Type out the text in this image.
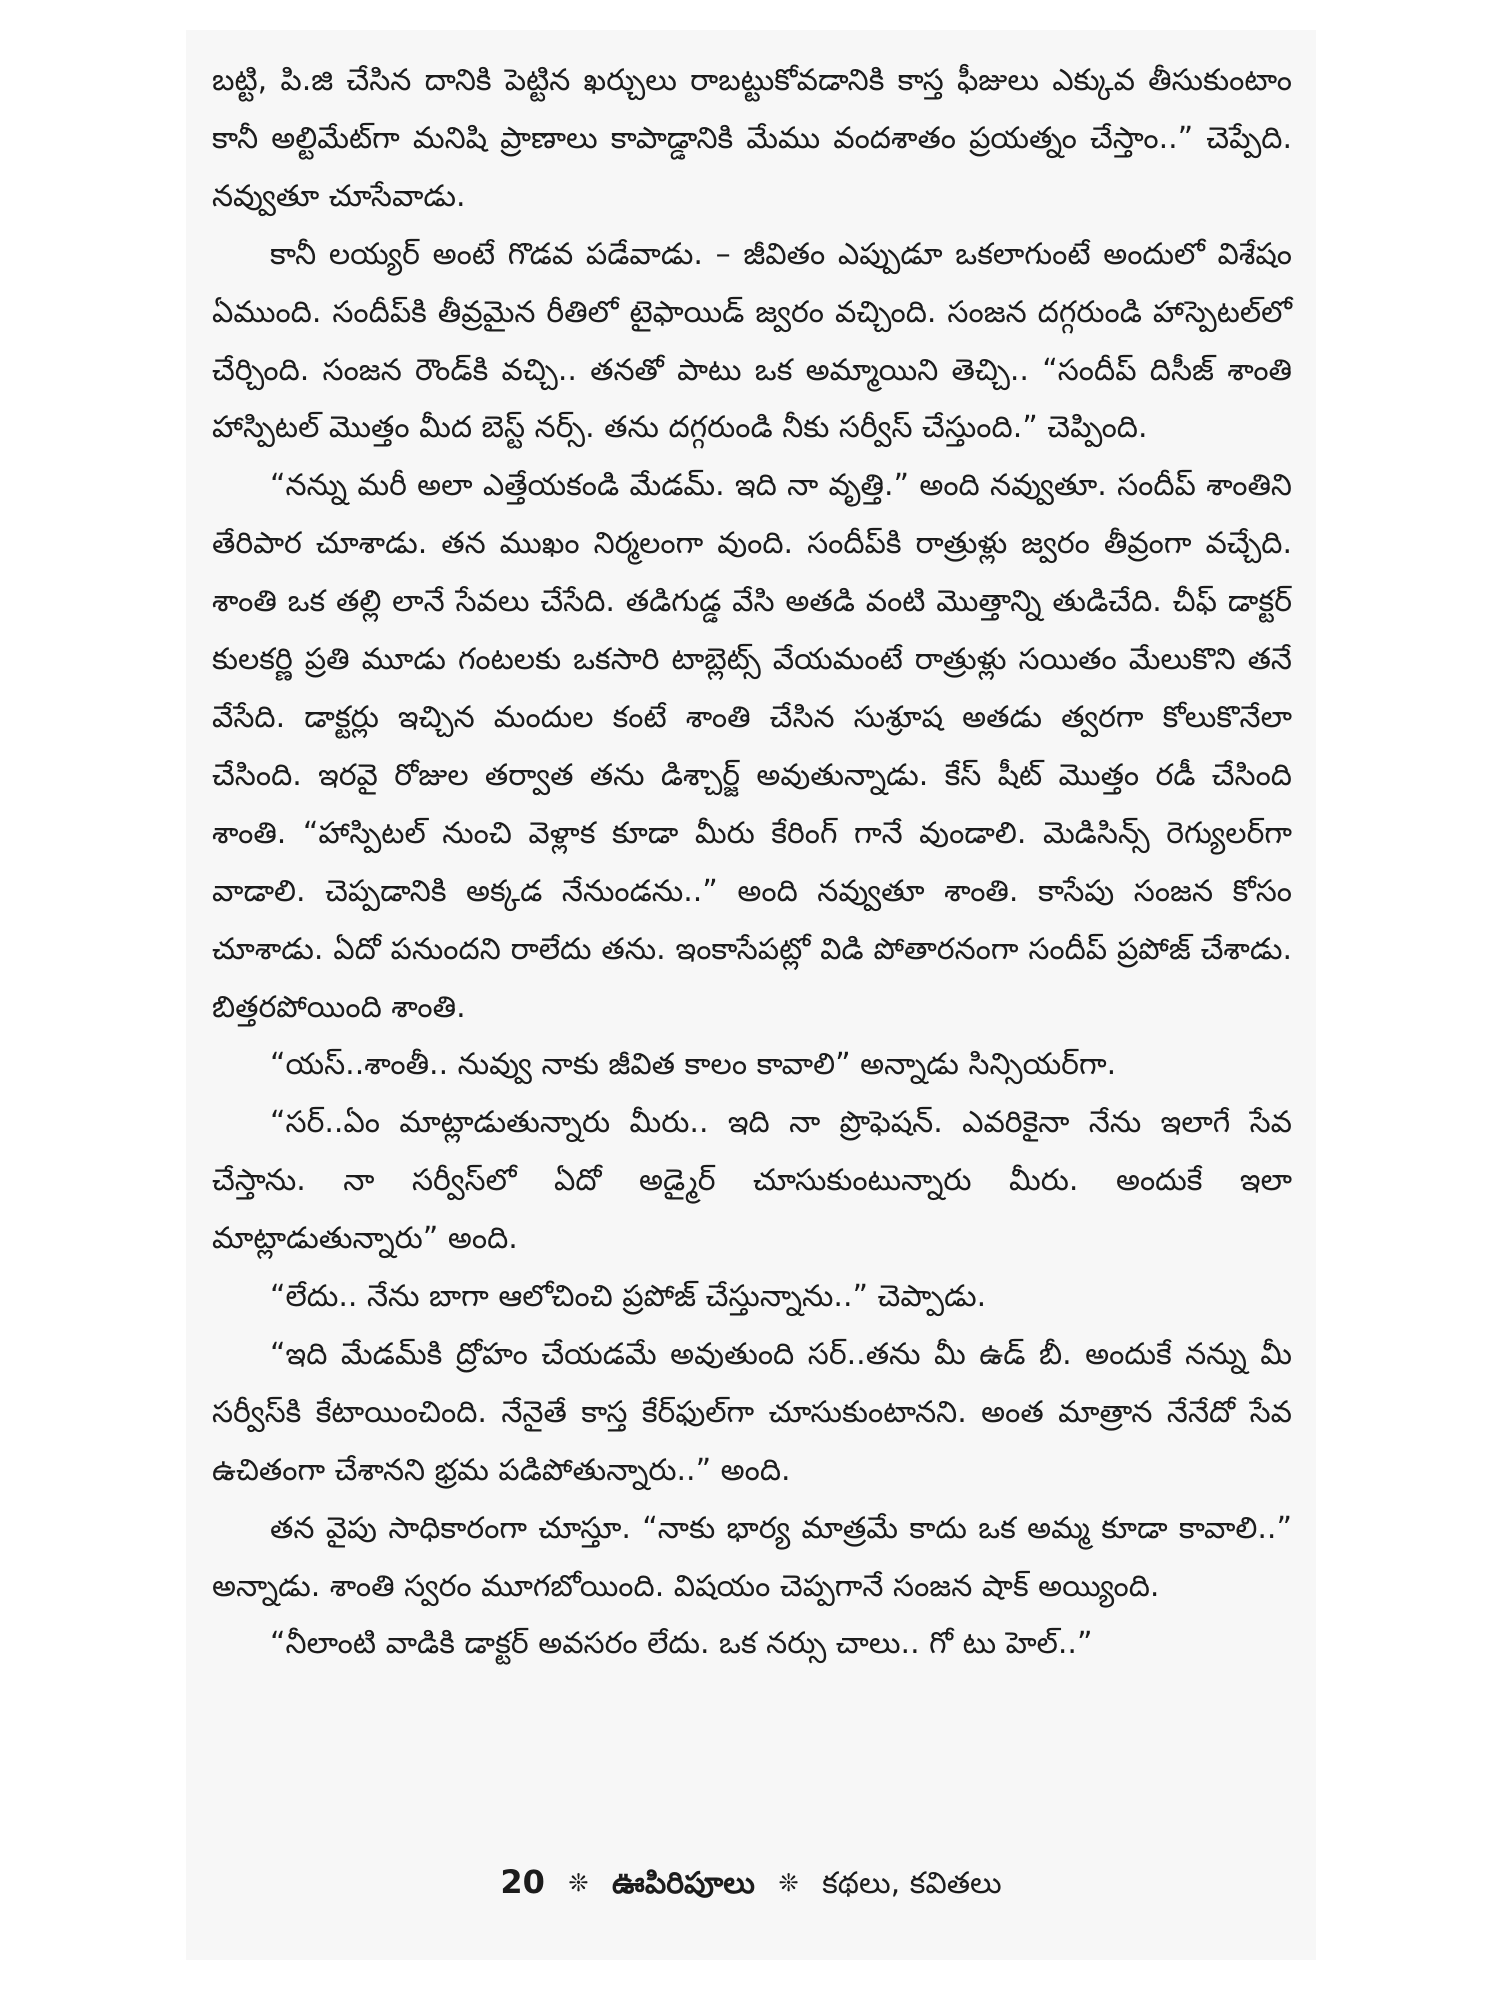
బట్టి, పి.జి చేసిన దానికి పెట్టిన ఖర్చులు రాబట్టుకోవడానికి కాస్త ఫీజులు ఎక్కువ తీసుకుంటాం కానీ అల్టిమేట్‌గా మనిషి ప్రాణాలు కాపాడ్డానికి మేము వందశాతం ప్రయత్నం చేస్తాం..” చెప్పేది. నవ్వుతూ చూసేవాడు.

కానీ లయ్యర్ అంటే గొడవ పడేవాడు. – జీవితం ఎప్పుడూ ఒకలాగుంటే అందులో విశేషం ఏముంది. సందీప్‌కి తీవ్రమైన రీతిలో టైఫాయిడ్ జ్వరం వచ్చింది. సంజన దగ్గరుండి హాస్పెటల్‌లో చేర్చింది. సంజన రౌండ్‌కి వచ్చి.. తనతో పాటు ఒక అమ్మాయిని తెచ్చి.. “సందీప్ దిసీజ్ శాంతి హాస్పిటల్ మొత్తం మీద బెస్ట్ నర్స్. తను దగ్గరుండి నీకు సర్వీస్ చేస్తుంది.” చెప్పింది.

“నన్ను మరీ అలా ఎత్తేయకండి మేడమ్. ఇది నా వృత్తి.” అంది నవ్వుతూ. సందీప్ శాంతిని తేరిపార చూశాడు. తన ముఖం నిర్మలంగా వుంది. సందీప్‌కి రాత్రుళ్లు జ్వరం తీవ్రంగా వచ్చేది. శాంతి ఒక తల్లి లానే సేవలు చేసేది. తడిగుడ్డ వేసి అతడి వంటి మొత్తాన్ని తుడిచేది. చీఫ్ డాక్టర్ కులకర్ణి ప్రతి మూడు గంటలకు ఒకసారి టాబ్లెట్స్ వేయమంటే రాత్రుళ్లు సయితం మేలుకొని తనే వేసేది. డాక్టర్లు ఇచ్చిన మందుల కంటే శాంతి చేసిన సుశ్రూష అతడు త్వరగా కోలుకొనేలా చేసింది. ఇరవై రోజుల తర్వాత తను డిశ్చార్జ్ అవుతున్నాడు. కేస్ షీట్ మొత్తం రడీ చేసింది శాంతి. “హాస్పిటల్ నుంచి వెళ్లాక కూడా మీరు కేరింగ్ గానే వుండాలి. మెడిసిన్స్ రెగ్యులర్‌గా వాడాలి. చెప్పడానికి అక్కడ నేనుండను..” అంది నవ్వుతూ శాంతి. కాసేపు సంజన కోసం చూశాడు. ఏదో పనుందని రాలేదు తను. ఇంకాసేపట్లో విడి పోతారనంగా సందీప్ ప్రపోజ్ చేశాడు. బిత్తరపోయింది శాంతి.

“యస్..శాంతీ.. నువ్వు నాకు జీవిత కాలం కావాలి” అన్నాడు సిన్సియర్‌గా.

“సర్..ఏం మాట్లాడుతున్నారు మీరు.. ఇది నా ప్రొఫెషన్. ఎవరికైనా నేను ఇలాగే సేవ చేస్తాను. నా సర్వీస్‌లో ఏదో అడ్మైర్ చూసుకుంటున్నారు మీరు. అందుకే ఇలా మాట్లాడుతున్నారు” అంది.

“లేదు.. నేను బాగా ఆలోచించి ప్రపోజ్ చేస్తున్నాను..” చెప్పాడు.

“ఇది మేడమ్‌కి ద్రోహం చేయడమే అవుతుంది సర్..తను మీ ఉడ్ బీ. అందుకే నన్ను మీ సర్వీస్‌కి కేటాయించింది. నేనైతే కాస్త కేర్‌ఫుల్‌గా చూసుకుంటానని. అంత మాత్రాన నేనేదో సేవ ఉచితంగా చేశానని భ్రమ పడిపోతున్నారు..” అంది.

తన వైపు సాధికారంగా చూస్తూ. “నాకు భార్య మాత్రమే కాదు ఒక అమ్మ కూడా కావాలి..” అన్నాడు. శాంతి స్వరం మూగబోయింది. విషయం చెప్పగానే సంజన షాక్ అయ్యింది.

“నీలాంటి వాడికి డాక్టర్ అవసరం లేదు. ఒక నర్సు చాలు.. గో టు హెల్..”

20 ❊ ఊపిరిపూలు ❊ కథలు, కవితలు
